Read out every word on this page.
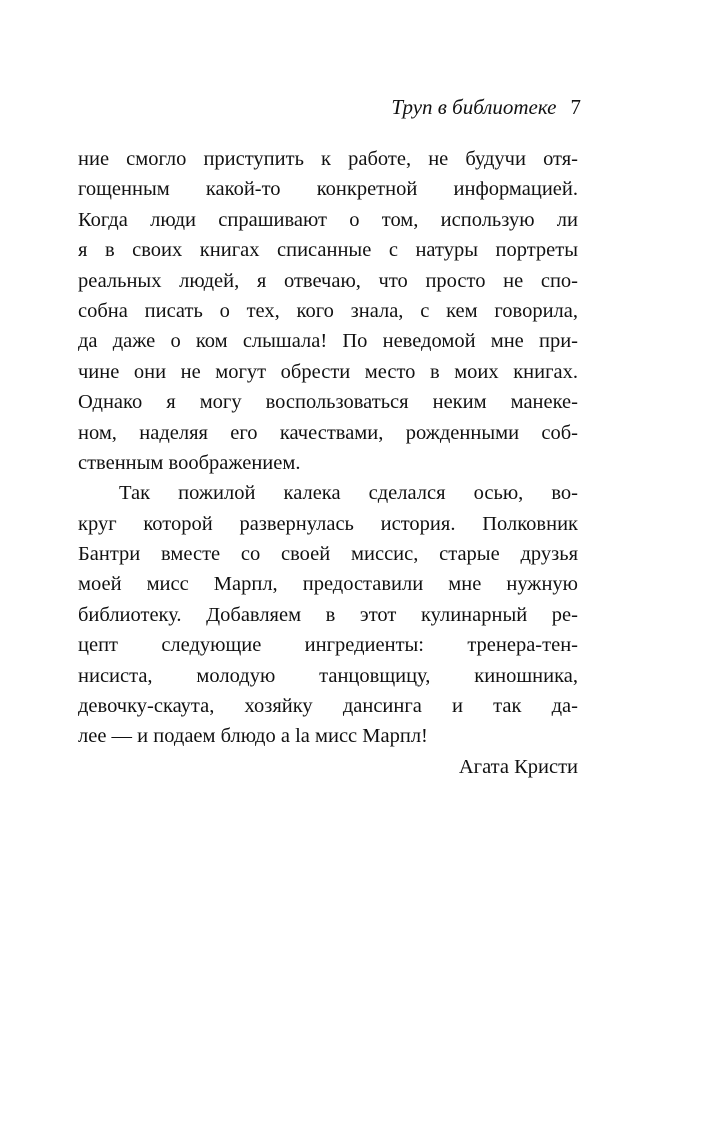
Труп в библиотеке 7
ние смогло приступить к работе, не будучи отя-
гощенным какой-то конкретной информацией.
Когда люди спрашивают о том, использую ли
я в своих книгах списанные с натуры портреты
реальных людей, я отвечаю, что просто не спо-
собна писать о тех, кого знала, с кем говорила,
да даже о ком слышала! По неведомой мне при-
чине они не могут обрести место в моих книгах.
Однако я могу воспользоваться неким манеке-
ном, наделяя его качествами, рожденными соб-
ственным воображением.
Так пожилой калека сделался осью, во-
круг которой развернулась история. Полковник
Бантри вместе со своей миссис, старые друзья
моей мисс Марпл, предоставили мне нужную
библиотеку. Добавляем в этот кулинарный ре-
цепт следующие ингредиенты: тренера-тен-
нисиста, молодую танцовщицу, киношника,
девочку-скаута, хозяйку дансинга и так да-
лее — и подаем блюдо a la мисс Марпл!
Агата Кристи
